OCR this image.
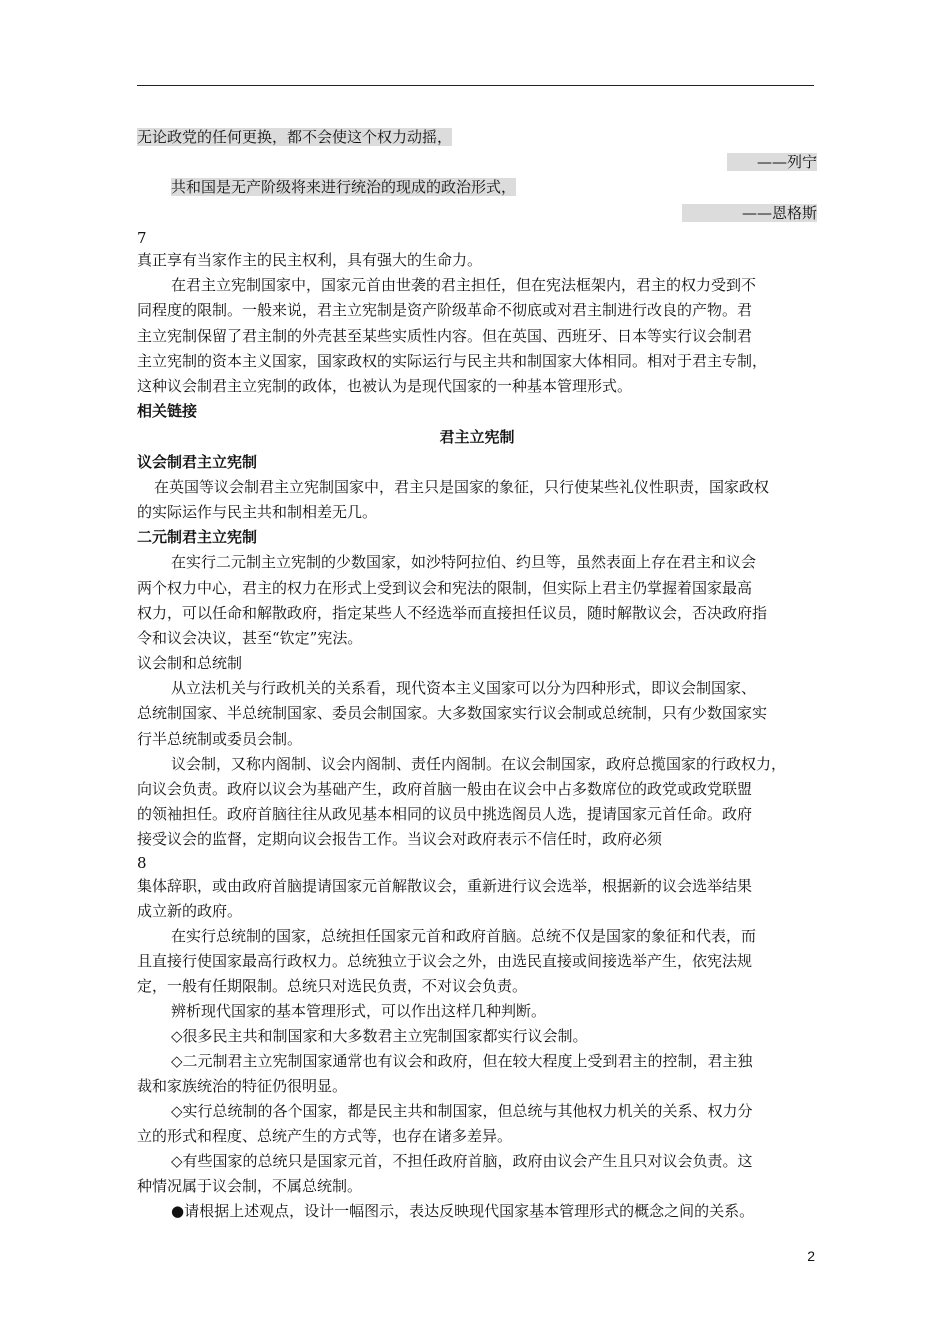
无论政党的任何更换，都不会使这个权力动摇，
——列宁
共和国是无产阶级将来进行统治的现成的政治形式，
——恩格斯
7
真正享有当家作主的民主权利，具有强大的生命力。
在君主立宪制国家中，国家元首由世袭的君主担任，但在宪法框架内，君主的权力受到不
同程度的限制。一般来说，君主立宪制是资产阶级革命不彻底或对君主制进行改良的产物。君
主立宪制保留了君主制的外壳甚至某些实质性内容。但在英国、西班牙、日本等实行议会制君
主立宪制的资本主义国家，国家政权的实际运行与民主共和制国家大体相同。相对于君主专制，
这种议会制君主立宪制的政体，也被认为是现代国家的一种基本管理形式。
相关链接
君主立宪制
议会制君主立宪制
在英国等议会制君主立宪制国家中，君主只是国家的象征，只行使某些礼仪性职责，国家政权
的实际运作与民主共和制相差无几。
二元制君主立宪制
在实行二元制主立宪制的少数国家，如沙特阿拉伯、约旦等，虽然表面上存在君主和议会
两个权力中心，君主的权力在形式上受到议会和宪法的限制，但实际上君主仍掌握着国家最高
权力，可以任命和解散政府，指定某些人不经选举而直接担任议员，随时解散议会，否决政府指
令和议会决议，甚至“钦定”宪法。
议会制和总统制
从立法机关与行政机关的关系看，现代资本主义国家可以分为四种形式，即议会制国家、
总统制国家、半总统制国家、委员会制国家。大多数国家实行议会制或总统制，只有少数国家实
行半总统制或委员会制。
议会制，又称内阁制、议会内阁制、责任内阁制。在议会制国家，政府总揽国家的行政权力，
向议会负责。政府以议会为基础产生，政府首脑一般由在议会中占多数席位的政党或政党联盟
的领袖担任。政府首脑往往从政见基本相同的议员中挑选阁员人选，提请国家元首任命。政府
接受议会的监督，定期向议会报告工作。当议会对政府表示不信任时，政府必须
8
集体辞职，或由政府首脑提请国家元首解散议会，重新进行议会选举，根据新的议会选举结果
成立新的政府。
在实行总统制的国家，总统担任国家元首和政府首脑。总统不仅是国家的象征和代表，而
且直接行使国家最高行政权力。总统独立于议会之外，由选民直接或间接选举产生，依宪法规
定，一般有任期限制。总统只对选民负责，不对议会负责。
辨析现代国家的基本管理形式，可以作出这样几种判断。
◇很多民主共和制国家和大多数君主立宪制国家都实行议会制。
◇二元制君主立宪制国家通常也有议会和政府，但在较大程度上受到君主的控制，君主独
裁和家族统治的特征仍很明显。
◇实行总统制的各个国家，都是民主共和制国家，但总统与其他权力机关的关系、权力分
立的形式和程度、总统产生的方式等，也存在诸多差异。
◇有些国家的总统只是国家元首，不担任政府首脑，政府由议会产生且只对议会负责。这
种情况属于议会制，不属总统制。
●请根据上述观点，设计一幅图示，表达反映现代国家基本管理形式的概念之间的关系。
2
